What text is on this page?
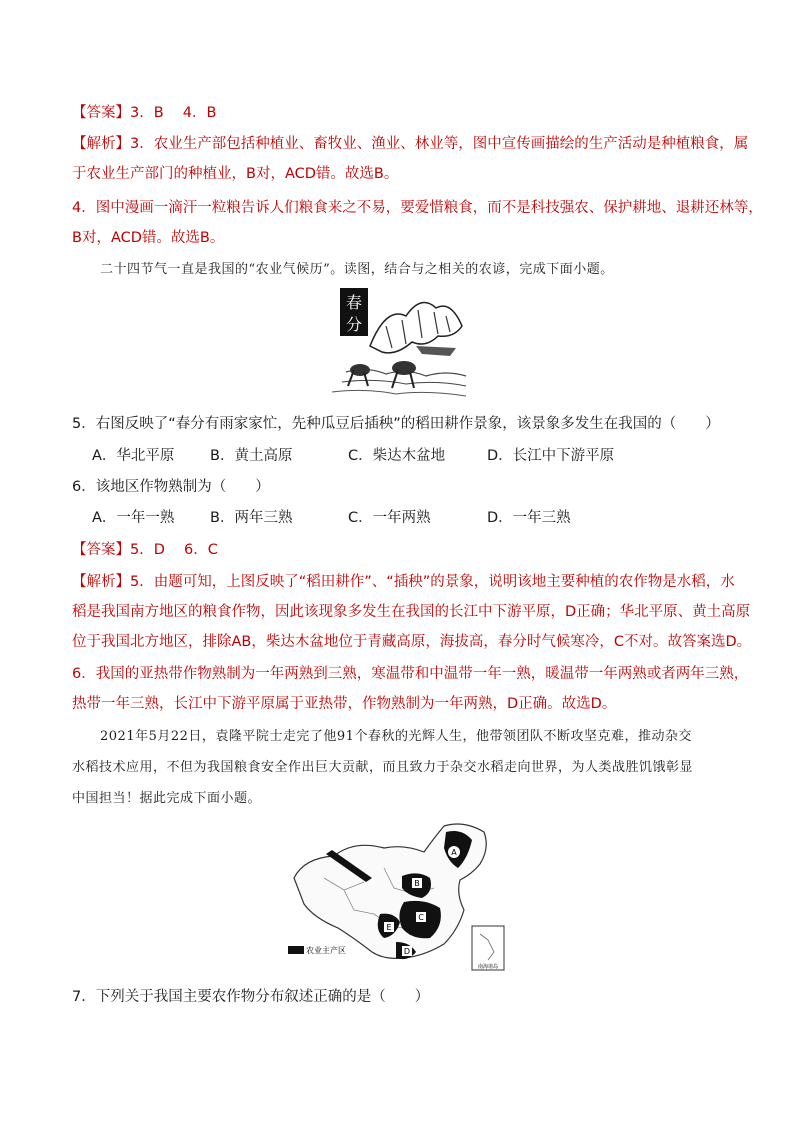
【答案】3．B　 4．B
【解析】3．农业生产部包括种植业、畜牧业、渔业、林业等，图中宣传画描绘的生产活动是种植粮食，属
于农业生产部门的种植业，B对，ACD错。故选B。
4．图中漫画一滴汗一粒粮告诉人们粮食来之不易，要爱惜粮食，而不是科技强农、保护耕地、退耕还林等，
B对，ACD错。故选B。
二十四节气一直是我国的“农业气候历”。读图，结合与之相关的农谚，完成下面小题。
春
分
5．右图反映了“春分有雨家家忙，先种瓜豆后插秧”的稻田耕作景象，该景象多发生在我国的（　　）
A．华北平原 B．黄土高原	C．柴达木盆地	D．长江中下游平原
6．该地区作物熟制为（　　）
A．一年一熟 B．两年三熟	C．一年两熟	D．一年三熟
【答案】5．D　 6．C
【解析】5．由题可知，上图反映了“稻田耕作”、“插秧”的景象，说明该地主要种植的农作物是水稻，水
稻是我国南方地区的粮食作物，因此该现象多发生在我国的长江中下游平原，D正确；华北平原、黄土高原
位于我国北方地区，排除AB，柴达木盆地位于青藏高原，海拔高，春分时气候寒冷，C不对。故答案选D。
6．我国的亚热带作物熟制为一年两熟到三熟，寒温带和中温带一年一熟，暖温带一年两熟或者两年三熟，
热带一年三熟，长江中下游平原属于亚热带，作物熟制为一年两熟，D正确。故选D。
2021年5月22日，袁隆平院士走完了他91个春秋的光辉人生，他带领团队不断攻坚克难，推动杂交
水稻技术应用，不但为我国粮食安全作出巨大贡献，而且致力于杂交水稻走向世界，为人类战胜饥饿彰显
中国担当！据此完成下面小题。
A
B
C
E
D
农业主产区
南海诸岛
7．下列关于我国主要农作物分布叙述正确的是（　　）
